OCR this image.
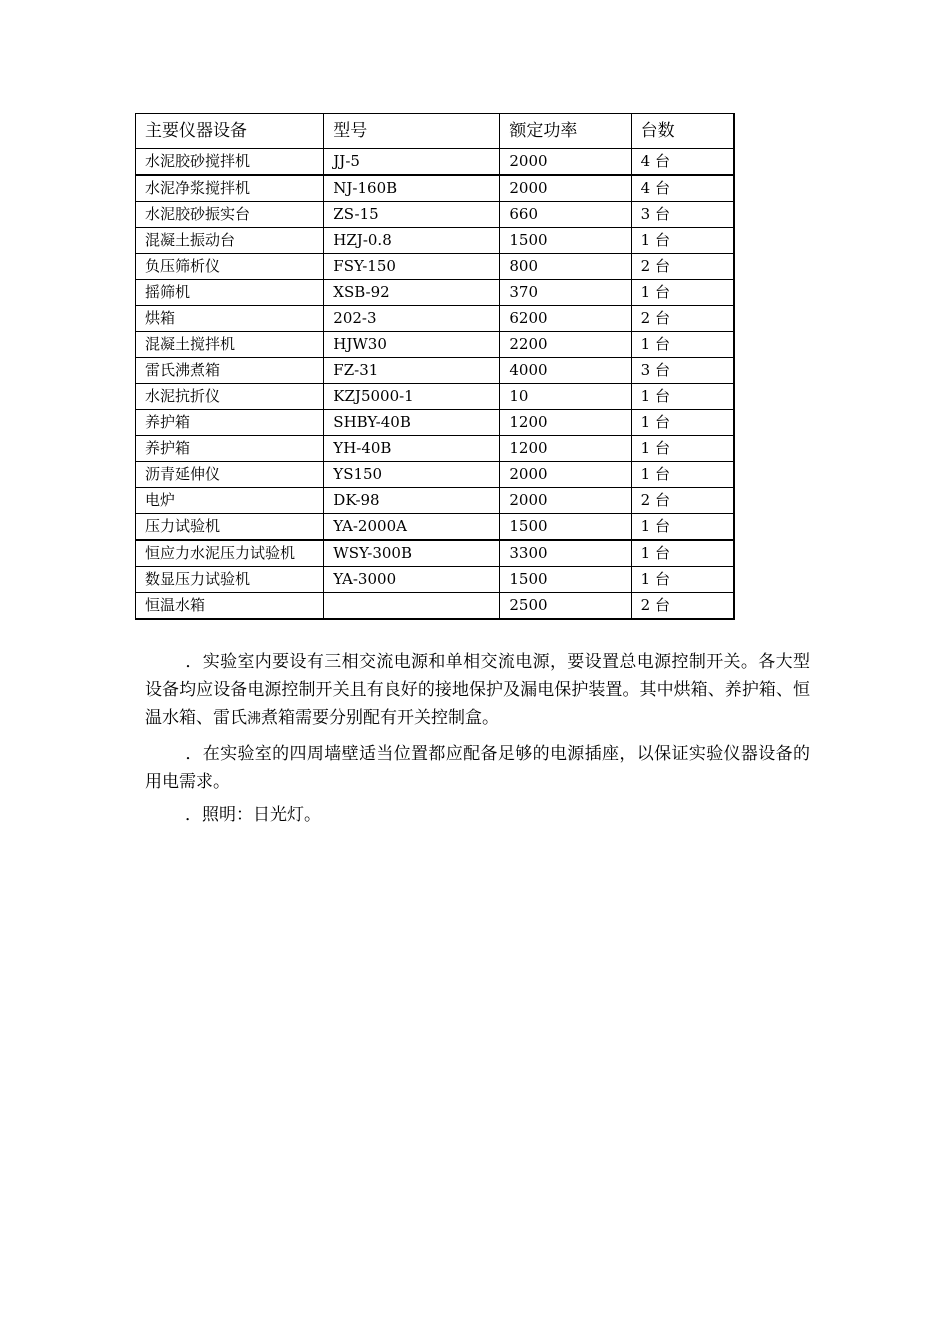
主要仪器设备	型号	额定功率	台数
水泥胶砂搅拌机	JJ-5	2000	4 台
水泥净浆搅拌机	NJ-160B	2000	4 台
水泥胶砂振实台	ZS-15	660	3 台
混凝土振动台	HZJ-0.8	1500	1 台
负压筛析仪	FSY-150	800	2 台
摇筛机	XSB-92	370	1 台
烘箱	202-3	6200	2 台
混凝土搅拌机	HJW30	2200	1 台
雷氏沸煮箱	FZ-31	4000	3 台
水泥抗折仪	KZJ5000-1	10	1 台
养护箱	SHBY-40B	1200	1 台
养护箱	YH-40B	1200	1 台
沥青延伸仪	YS150	2000	1 台
电炉	DK-98	2000	2 台
压力试验机	YA-2000A	1500	1 台
恒应力水泥压力试验机	WSY-300B	3300	1 台
数显压力试验机	YA-3000	1500	1 台
恒温水箱		2500	2 台

．实验室内要设有三相交流电源和单相交流电源，要设置总电源控制开关。各大型设备均应设备电源控制开关且有良好的接地保护及漏电保护装置。其中烘箱、养护箱、恒温水箱、雷氏沸煮箱需要分别配有开关控制盒。

．在实验室的四周墙壁适当位置都应配备足够的电源插座，以保证实验仪器设备的用电需求。

．照明：日光灯。
